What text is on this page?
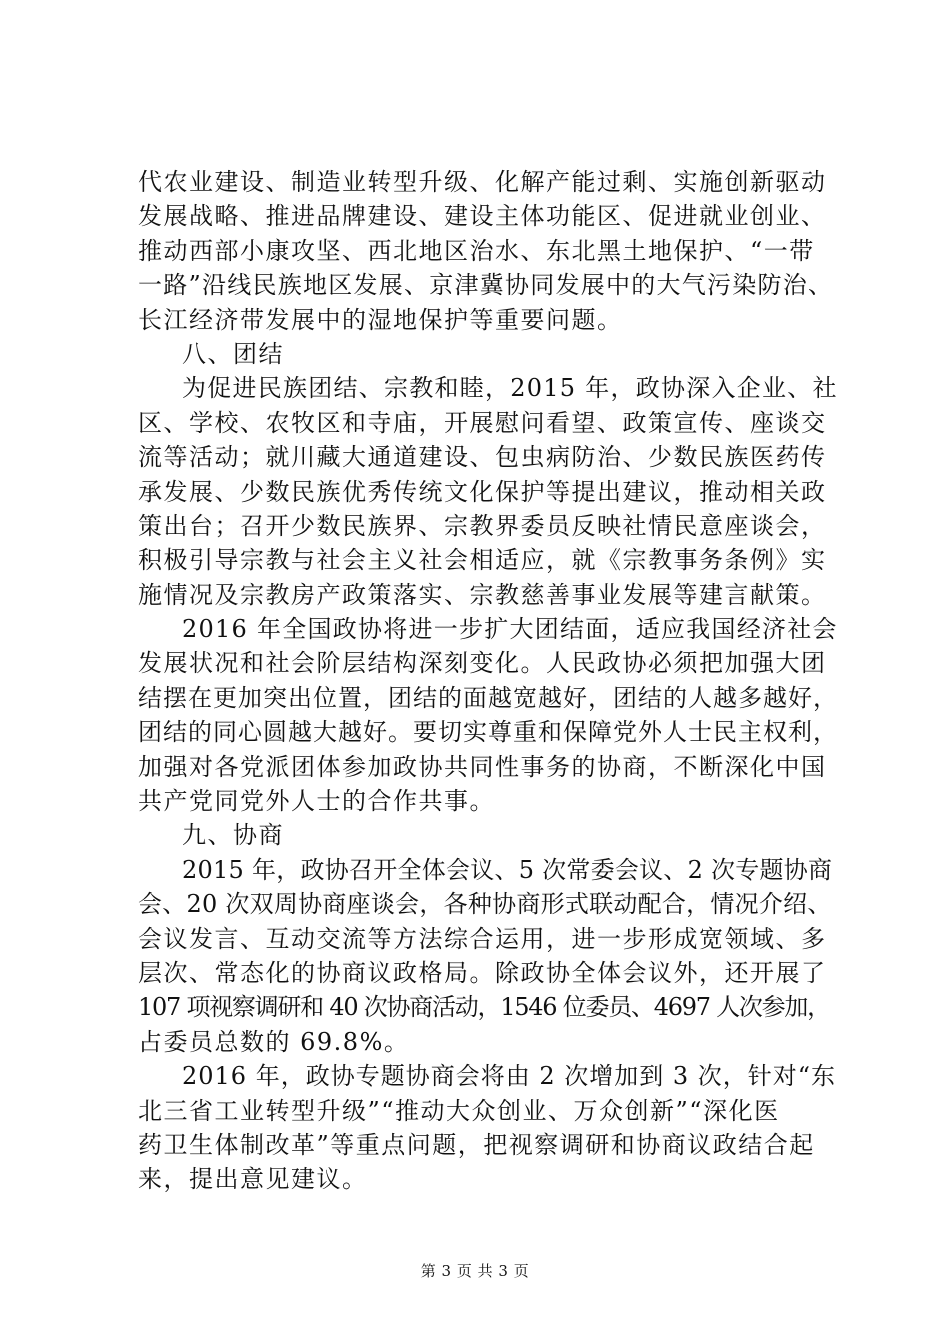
代农业建设、制造业转型升级、化解产能过剩、实施创新驱动
发展战略、推进品牌建设、建设主体功能区、促进就业创业、
推动西部小康攻坚、西北地区治水、东北黑土地保护、“一带
一路”沿线民族地区发展、京津冀协同发展中的大气污染防治、
长江经济带发展中的湿地保护等重要问题。
八、团结
为促进民族团结、宗教和睦，2015 年，政协深入企业、社
区、学校、农牧区和寺庙，开展慰问看望、政策宣传、座谈交
流等活动；就川藏大通道建设、包虫病防治、少数民族医药传
承发展、少数民族优秀传统文化保护等提出建议，推动相关政
策出台；召开少数民族界、宗教界委员反映社情民意座谈会，
积极引导宗教与社会主义社会相适应，就《宗教事务条例》实
施情况及宗教房产政策落实、宗教慈善事业发展等建言献策。
2016 年全国政协将进一步扩大团结面，适应我国经济社会
发展状况和社会阶层结构深刻变化。人民政协必须把加强大团
结摆在更加突出位置，团结的面越宽越好，团结的人越多越好，
团结的同心圆越大越好。要切实尊重和保障党外人士民主权利，
加强对各党派团体参加政协共同性事务的协商，不断深化中国
共产党同党外人士的合作共事。
九、协商
2015 年，政协召开全体会议、5 次常委会议、2 次专题协商
会、20 次双周协商座谈会，各种协商形式联动配合，情况介绍、
会议发言、互动交流等方法综合运用，进一步形成宽领域、多
层次、常态化的协商议政格局。除政协全体会议外，还开展了
107 项视察调研和 40 次协商活动，1546 位委员、4697 人次参加，
占委员总数的 69.8%。
2016 年，政协专题协商会将由 2 次增加到 3 次，针对“东
北三省工业转型升级”“推动大众创业、万众创新”“深化医
药卫生体制改革”等重点问题，把视察调研和协商议政结合起
来，提出意见建议。
第 3 页 共 3 页
